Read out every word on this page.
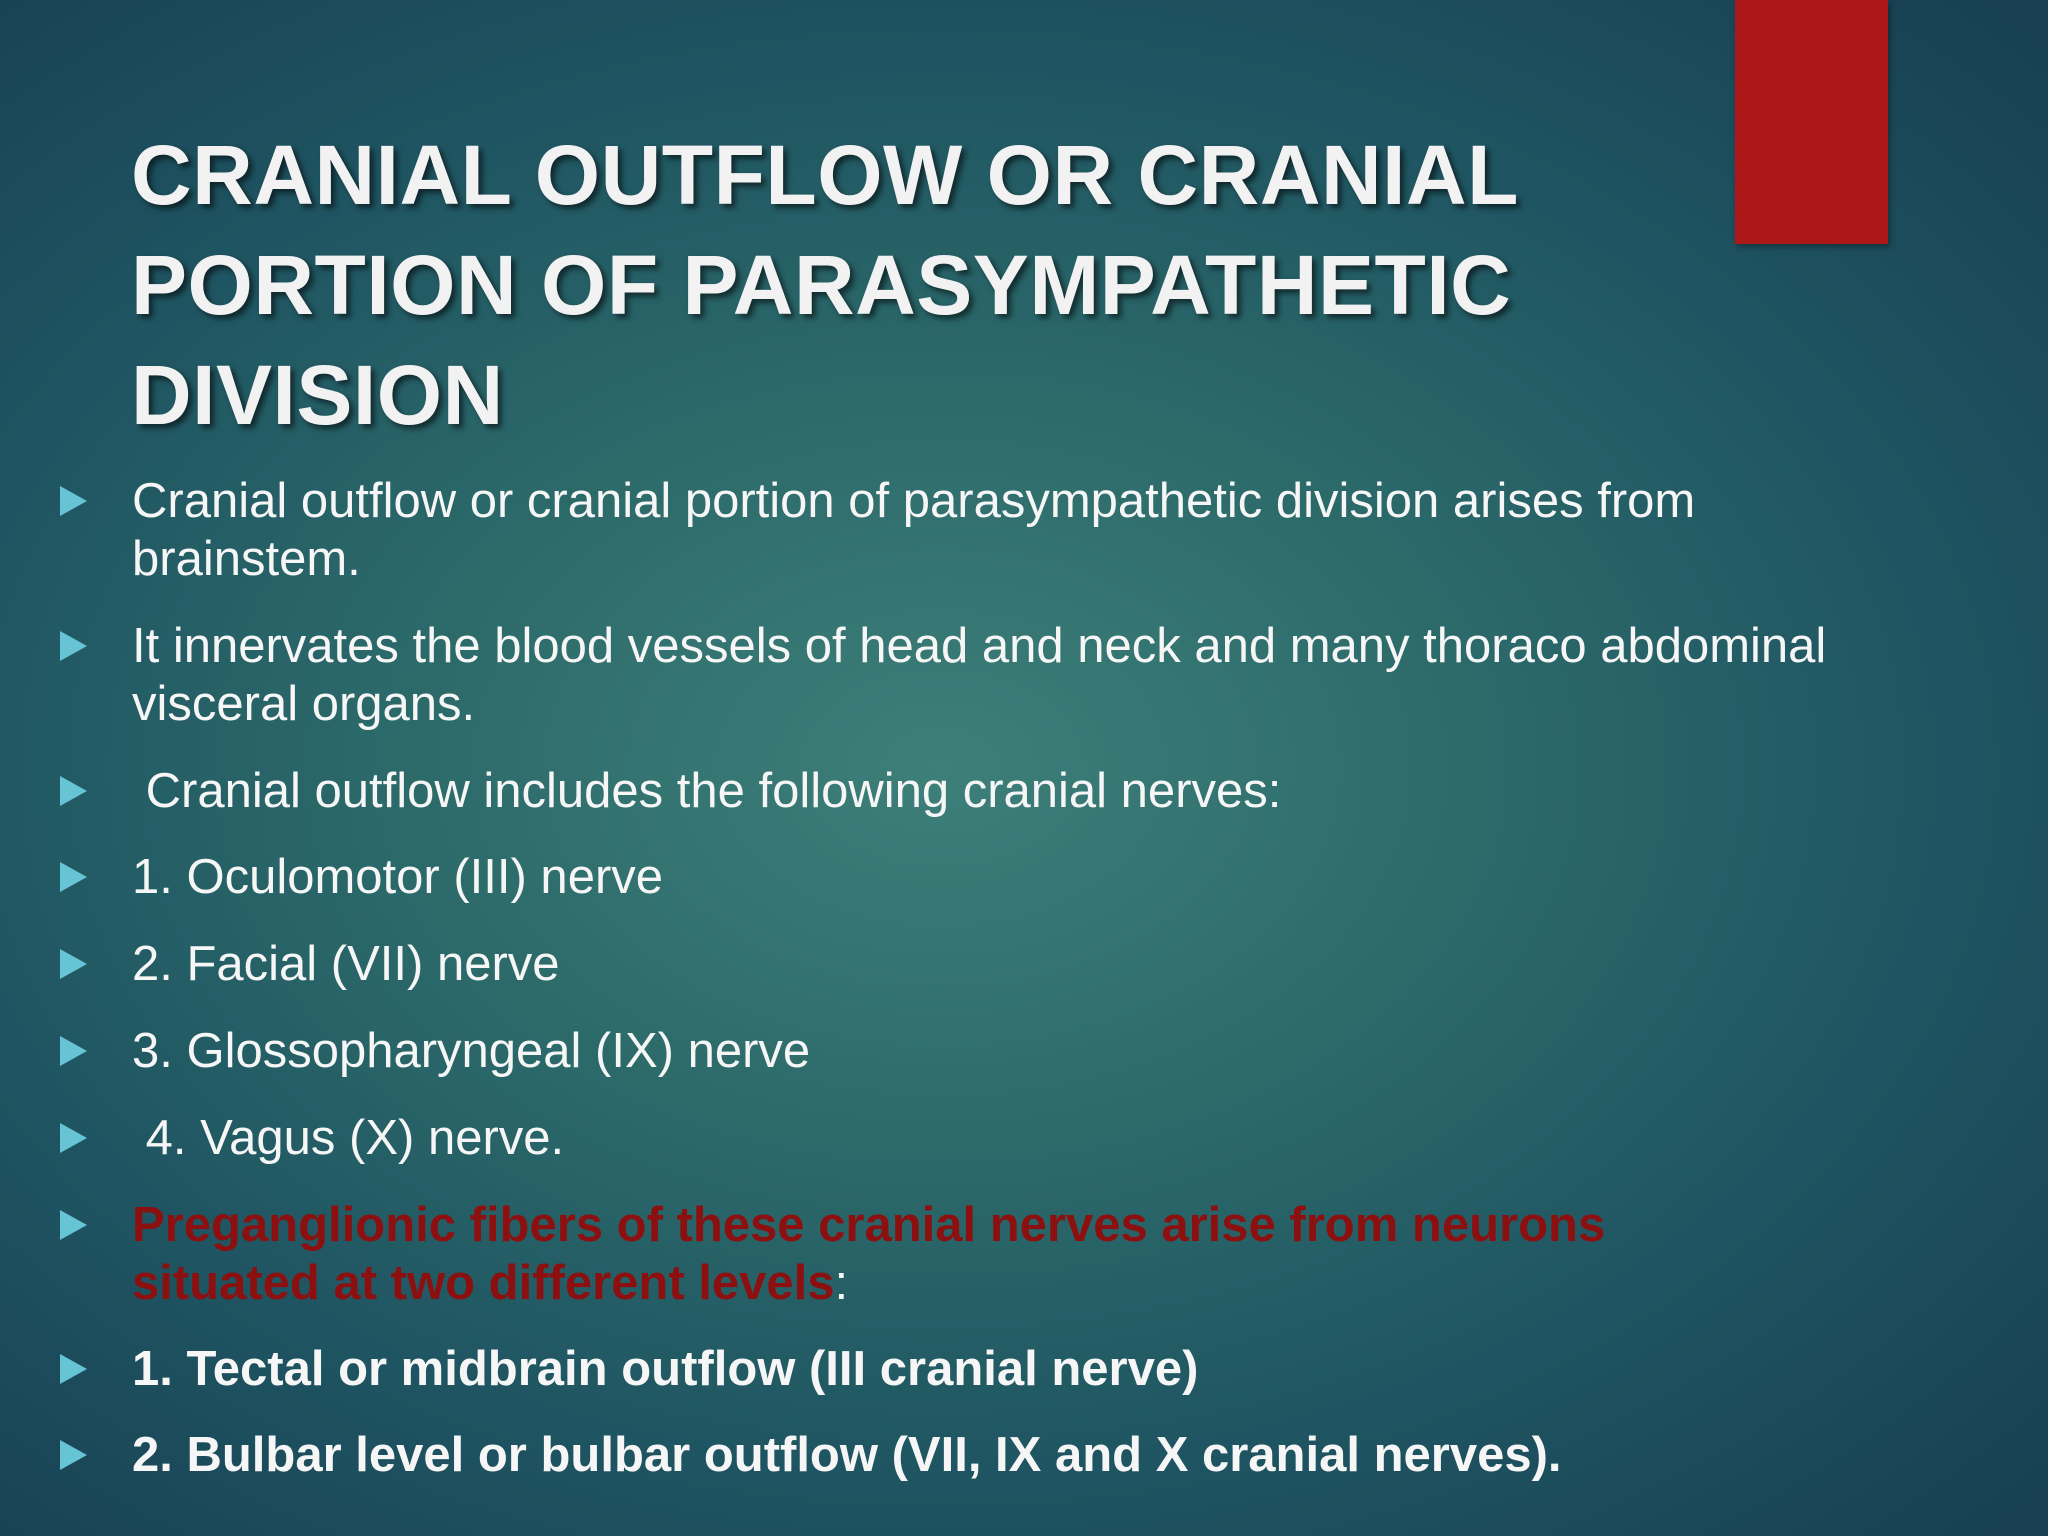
CRANIAL OUTFLOW OR CRANIAL PORTION OF PARASYMPATHETIC DIVISION
Cranial outflow or cranial portion of parasympathetic division arises from brainstem.
It innervates the blood vessels of head and neck and many thoraco abdominal visceral organs.
Cranial outflow includes the following cranial nerves:
1. Oculomotor (III) nerve
2. Facial (VII) nerve
3. Glossopharyngeal (IX) nerve
4. Vagus (X) nerve.
Preganglionic fibers of these cranial nerves arise from neurons situated at two different levels:
1. Tectal or midbrain outflow (III cranial nerve)
2. Bulbar level or bulbar outflow (VII, IX and X cranial nerves).
